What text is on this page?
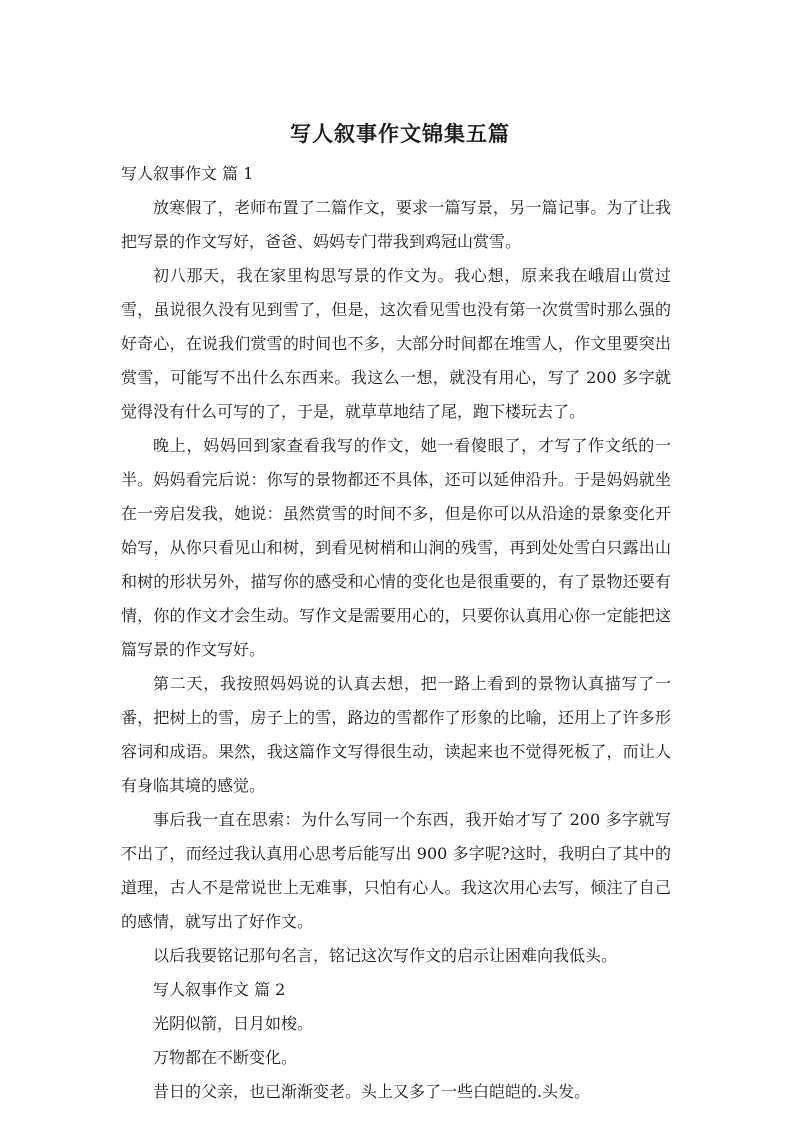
写人叙事作文锦集五篇

写人叙事作文 篇 1

放寒假了，老师布置了二篇作文，要求一篇写景，另一篇记事。为了让我把写景的作文写好，爸爸、妈妈专门带我到鸡冠山赏雪。

初八那天，我在家里构思写景的作文为。我心想，原来我在峨眉山赏过雪，虽说很久没有见到雪了，但是，这次看见雪也没有第一次赏雪时那么强的好奇心，在说我们赏雪的时间也不多，大部分时间都在堆雪人，作文里要突出赏雪，可能写不出什么东西来。我这么一想，就没有用心，写了 200 多字就觉得没有什么可写的了，于是，就草草地结了尾，跑下楼玩去了。

晚上，妈妈回到家查看我写的作文，她一看傻眼了，才写了作文纸的一半。妈妈看完后说：你写的景物都还不具体，还可以延伸沿升。于是妈妈就坐在一旁启发我，她说：虽然赏雪的时间不多，但是你可以从沿途的景象变化开始写，从你只看见山和树，到看见树梢和山涧的残雪，再到处处雪白只露出山和树的形状另外，描写你的感受和心情的变化也是很重要的，有了景物还要有情，你的作文才会生动。写作文是需要用心的，只要你认真用心你一定能把这篇写景的作文写好。

第二天，我按照妈妈说的认真去想，把一路上看到的景物认真描写了一番，把树上的雪，房子上的雪，路边的雪都作了形象的比喻，还用上了许多形容词和成语。果然，我这篇作文写得很生动，读起来也不觉得死板了，而让人有身临其境的感觉。

事后我一直在思索：为什么写同一个东西，我开始才写了 200 多字就写不出了，而经过我认真用心思考后能写出 900 多字呢?这时，我明白了其中的道理，古人不是常说世上无难事，只怕有心人。我这次用心去写，倾注了自己的感情，就写出了好作文。

以后我要铭记那句名言，铭记这次写作文的启示让困难向我低头。

写人叙事作文 篇 2

光阴似箭，日月如梭。

万物都在不断变化。

昔日的父亲，也已渐渐变老。头上又多了一些白皑皑的.头发。
